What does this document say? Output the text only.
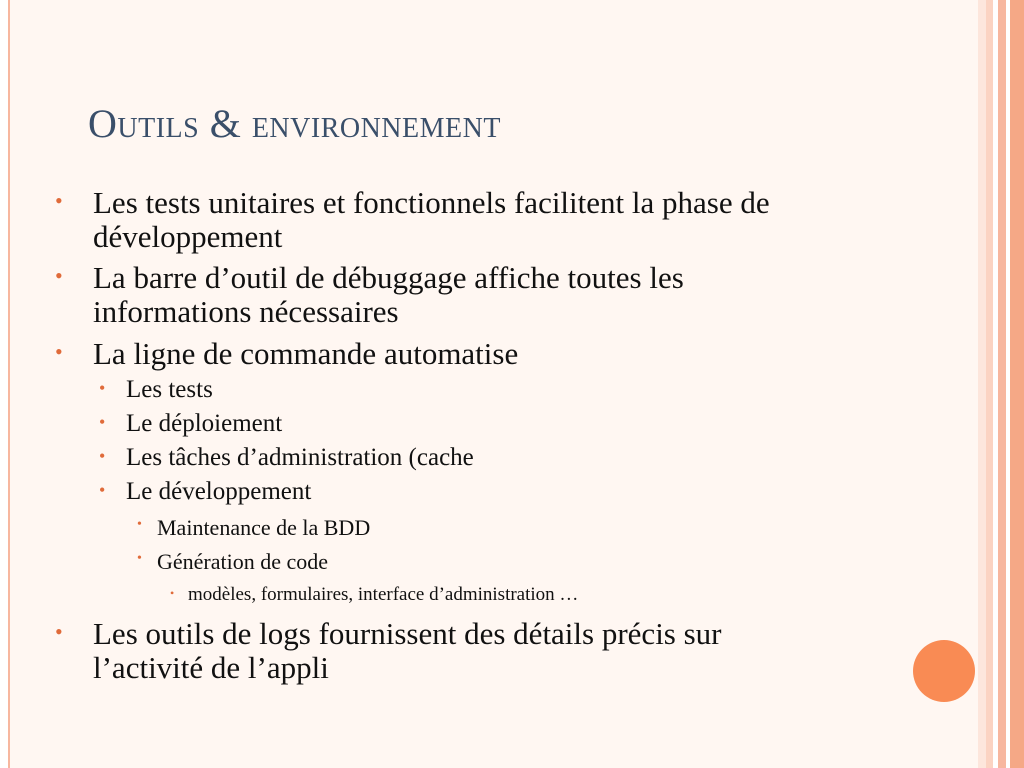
Outils & environnement
• Les tests unitaires et fonctionnels facilitent la phase de
développement
• La barre d’outil de débuggage affiche toutes les
informations nécessaires
• La ligne de commande automatise
• Les tests
• Le déploiement
• Les tâches d’administration (cache
• Le développement
• Maintenance de la BDD
• Génération de code
• modèles, formulaires, interface d’administration …
• Les outils de logs fournissent des détails précis sur
l’activité de l’appli
